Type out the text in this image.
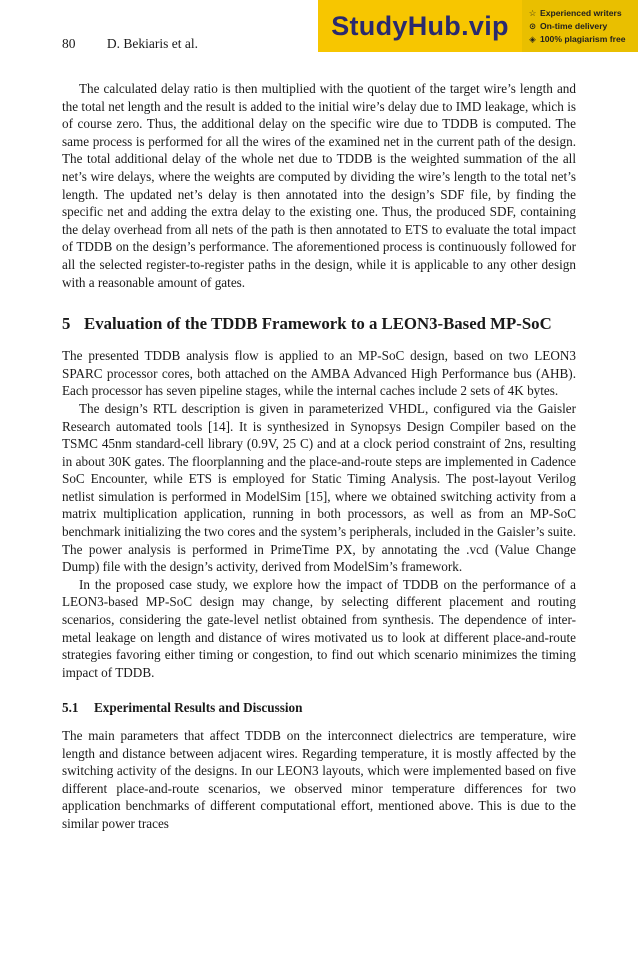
80 D. Bekiaris et al.
StudyHub.vip	☆ Experienced writers
⊙ On-time delivery
◈ 100% plagiarism free

The calculated delay ratio is then multiplied with the quotient of the target wire’s length and the total net length and the result is added to the initial wire’s delay due to IMD leakage, which is of course zero. Thus, the additional delay on the specific wire due to TDDB is computed. The same process is performed for all the wires of the examined net in the current path of the design. The total additional delay of the whole net due to TDDB is the weighted summation of the all net’s wire delays, where the weights are computed by dividing the wire’s length to the total net’s length. The updated net’s delay is then annotated into the design’s SDF file, by finding the specific net and adding the extra delay to the existing one. Thus, the produced SDF, containing the delay overhead from all nets of the path is then annotated to ETS to evaluate the total impact of TDDB on the design’s performance. The aforementioned process is continuously followed for all the selected register-to-register paths in the design, while it is applicable to any other design with a reasonable amount of gates.

5 Evaluation of the TDDB Framework to a LEON3-Based MP-SoC

The presented TDDB analysis flow is applied to an MP-SoC design, based on two LEON3 SPARC processor cores, both attached on the AMBA Advanced High Performance bus (AHB). Each processor has seven pipeline stages, while the internal caches include 2 sets of 4K bytes.

The design’s RTL description is given in parameterized VHDL, configured via the Gaisler Research automated tools [14]. It is synthesized in Synopsys Design Compiler based on the TSMC 45nm standard-cell library (0.9V, 25 C) and at a clock period constraint of 2ns, resulting in about 30K gates. The floorplanning and the place-and-route steps are implemented in Cadence SoC Encounter, while ETS is employed for Static Timing Analysis. The post-layout Verilog netlist simulation is performed in ModelSim [15], where we obtained switching activity from a matrix multiplication application, running in both processors, as well as from an MP-SoC benchmark initializing the two cores and the system’s peripherals, included in the Gaisler’s suite. The power analysis is performed in PrimeTime PX, by annotating the .vcd (Value Change Dump) file with the design’s activity, derived from ModelSim’s framework.

In the proposed case study, we explore how the impact of TDDB on the performance of a LEON3-based MP-SoC design may change, by selecting different placement and routing scenarios, considering the gate-level netlist obtained from synthesis. The dependence of inter-metal leakage on length and distance of wires motivated us to look at different place-and-route strategies favoring either timing or congestion, to find out which scenario minimizes the timing impact of TDDB.

5.1	Experimental Results and Discussion

The main parameters that affect TDDB on the interconnect dielectrics are temperature, wire length and distance between adjacent wires. Regarding temperature, it is mostly affected by the switching activity of the designs. In our LEON3 layouts, which were implemented based on five different place-and-route scenarios, we observed minor temperature differences for two application benchmarks of different computational effort, mentioned above. This is due to the similar power traces
